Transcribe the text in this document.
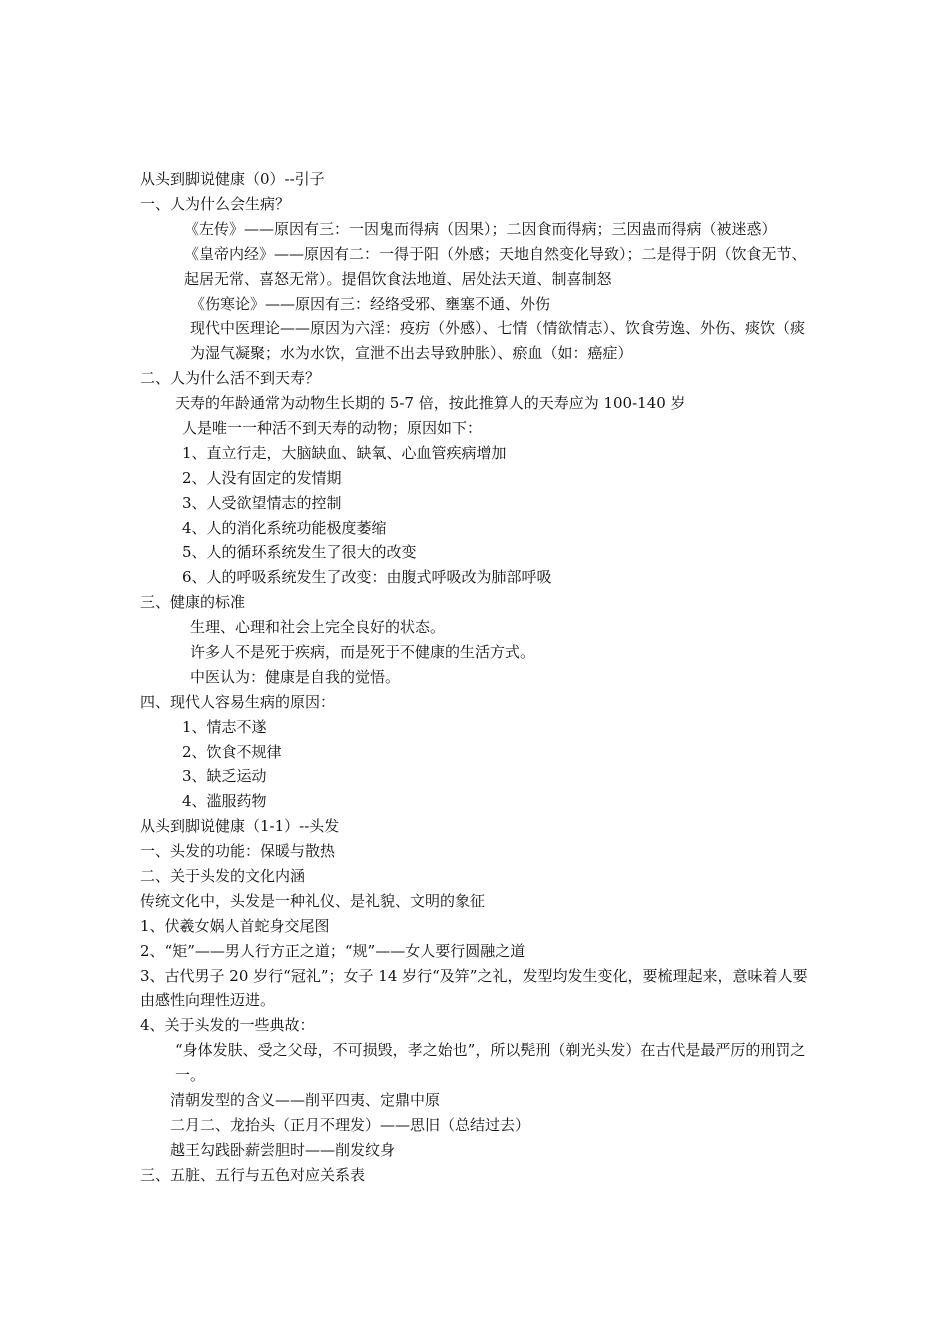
从头到脚说健康（0）--引子
一、人为什么会生病？
《左传》——原因有三：一因鬼而得病（因果）；二因食而得病；三因蛊而得病（被迷惑）
《皇帝内经》——原因有二：一得于阳（外感；天地自然变化导致）；二是得于阴（饮食无节、起居无常、喜怒无常）。提倡饮食法地道、居处法天道、制喜制怒
《伤寒论》——原因有三：经络受邪、壅塞不通、外伤
现代中医理论——原因为六淫：疫疠（外感）、七情（情欲情志）、饮食劳逸、外伤、痰饮（痰为湿气凝聚；水为水饮，宣泄不出去导致肿胀）、瘀血（如：癌症）
二、人为什么活不到天寿？
天寿的年龄通常为动物生长期的 5-7 倍，按此推算人的天寿应为 100-140 岁
人是唯一一种活不到天寿的动物；原因如下：
1、直立行走，大脑缺血、缺氧、心血管疾病增加
2、人没有固定的发情期
3、人受欲望情志的控制
4、人的消化系统功能极度萎缩
5、人的循环系统发生了很大的改变
6、人的呼吸系统发生了改变：由腹式呼吸改为肺部呼吸
三、健康的标准
生理、心理和社会上完全良好的状态。
许多人不是死于疾病，而是死于不健康的生活方式。
中医认为：健康是自我的觉悟。
四、现代人容易生病的原因：
1、情志不遂
2、饮食不规律
3、缺乏运动
4、滥服药物
从头到脚说健康（1-1）--头发
一、头发的功能：保暖与散热
二、关于头发的文化内涵
传统文化中，头发是一种礼仪、是礼貌、文明的象征
1、伏羲女娲人首蛇身交尾图
2、“矩”——男人行方正之道；“规”——女人要行圆融之道
3、古代男子 20 岁行“冠礼”；女子 14 岁行“及笄”之礼，发型均发生变化，要梳理起来，意味着人要由感性向理性迈进。
4、关于头发的一些典故：
“身体发肤、受之父母，不可损毁，孝之始也”，所以髡刑（剃光头发）在古代是最严厉的刑罚之一。
清朝发型的含义——削平四夷、定鼎中原
二月二、龙抬头（正月不理发）——思旧（总结过去）
越王勾践卧薪尝胆时——削发纹身
三、五脏、五行与五色对应关系表
